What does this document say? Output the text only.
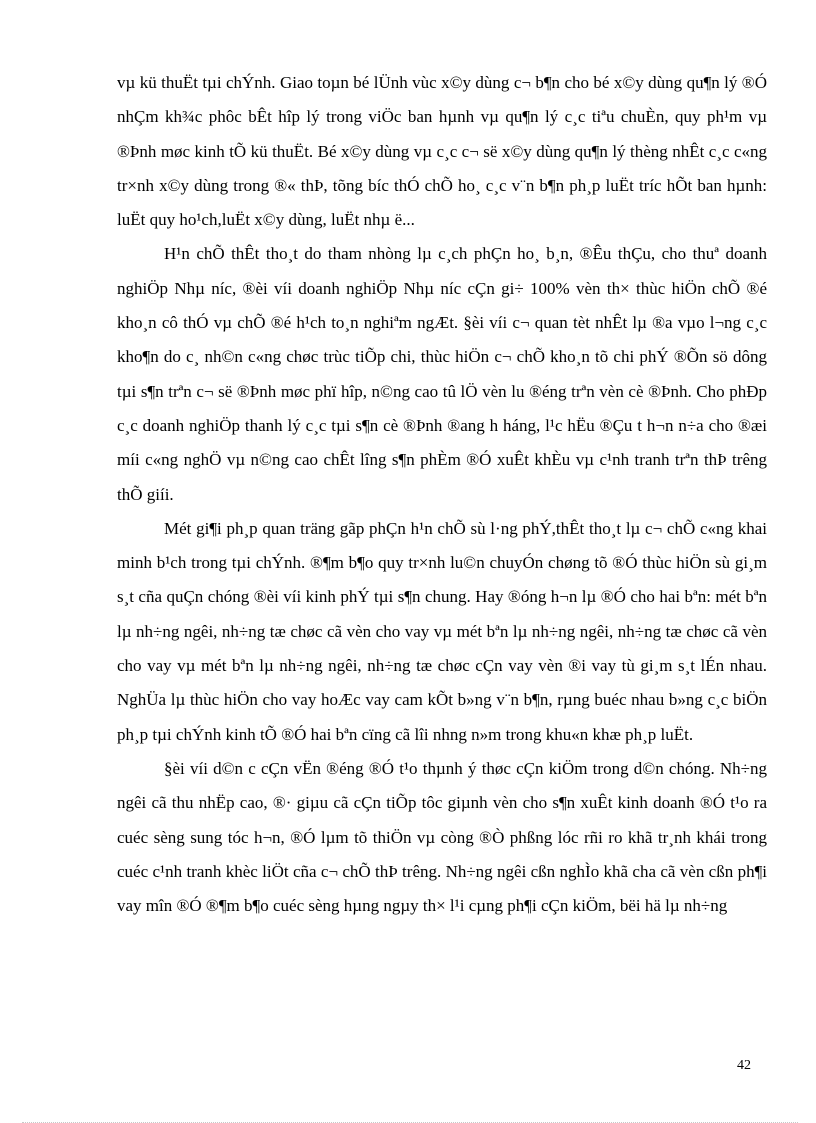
vµ kü thuËt tµi chÝnh. Giao toµn bé lÜnh vùc x©y dùng c¬ b¶n cho bé x©y dùng qu¶n lý ®Ó nhÇm kh¾c phôc bÊt hîp lý trong viÖc ban hµnh vµ qu¶n lý c¸c tiªu chuÈn, quy ph¹m vµ ®Þnh møc kinh tÕ kü thuËt. Bé x©y dùng vµ c¸c c¬ së x©y dùng qu¶n lý thèng nhÊt c¸c c«ng tr×nh x©y dùng trong ®« thÞ, tõng bíc thÓ chÕ ho¸ c¸c v¨n b¶n ph¸p luËt tríc hÕt ban hµnh: luËt quy ho¹ch,luËt x©y dùng, luËt nhµ ë...

H¹n chÕ thÊt tho¸t do tham nhòng lµ c¸ch phÇn ho¸ b¸n, ®Êu thÇu, cho thuª doanh nghiÖp Nhµ níc, ®èi víi doanh nghiÖp Nhµ níc cÇn gi÷ 100% vèn th× thùc hiÖn chÕ ®é kho¸n cô thÓ vµ chÕ ®é h¹ch to¸n nghiªm ngÆt. §èi víi c¬ quan tèt nhÊt lµ ®a vµo l¬ng c¸c kho¶n do c¸ nh©n c«ng chøc trùc tiÕp chi, thùc hiÖn c¬ chÕ kho¸n tõ chi phÝ ®Õn sö dông tµi s¶n trªn c¬ së ®Þnh møc phï hîp, n©ng cao tû lÖ vèn lu ®éng trªn vèn cè ®Þnh. Cho phÐp c¸c doanh nghiÖp thanh lý c¸c tµi s¶n cè ®Þnh ®ang h háng, l¹c hËu ®Çu t h¬n n÷a cho ®æi míi c«ng nghÖ vµ n©ng cao chÊt lîng s¶n phÈm ®Ó xuÊt khÈu vµ c¹nh tranh trªn thÞ trêng thÕ giíi.

Mét gi¶i ph¸p quan träng gãp phÇn h¹n chÕ sù l·ng phÝ,thÊt tho¸t lµ c¬ chÕ c«ng khai minh b¹ch trong tµi chÝnh. ®¶m b¶o quy tr×nh lu©n chuyÓn chøng tõ ®Ó thùc hiÖn sù gi¸m s¸t cña quÇn chóng ®èi víi kinh phÝ tµi s¶n chung. Hay ®óng h¬n lµ ®Ó cho hai bªn: mét bªn lµ nh÷ng ngêi, nh÷ng tæ chøc cã vèn cho vay vµ mét bªn lµ nh÷ng ngêi, nh÷ng tæ chøc cã vèn cho vay vµ mét bªn lµ nh÷ng ngêi, nh÷ng tæ chøc cÇn vay vèn ®i vay tù gi¸m s¸t lÉn nhau. NghÜa lµ thùc hiÖn cho vay hoÆc vay cam kÕt b»ng v¨n b¶n, rµng buéc nhau b»ng c¸c biÖn ph¸p tµi chÝnh kinh tÕ ®Ó hai bªn cïng cã lîi nhng n»m trong khu«n khæ ph¸p luËt.

§èi víi d©n c cÇn vËn ®éng ®Ó t¹o thµnh ý thøc cÇn kiÖm trong d©n chóng. Nh÷ng ngêi cã thu nhËp cao, ®· giµu cã cÇn tiÕp tôc giµnh vèn cho s¶n xuÊt kinh doanh ®Ó t¹o ra cuéc sèng sung tóc h¬n, ®Ó lµm tõ thiÖn vµ còng ®Ò phßng lóc rñi ro khã tr¸nh khái trong cuéc c¹nh tranh khèc liÖt cña c¬ chÕ thÞ trêng. Nh÷ng ngêi cßn nghÌo khã cha cã vèn cßn ph¶i vay mîn ®Ó ®¶m b¶o cuéc sèng hµng ngµy th× l¹i cµng ph¶i cÇn kiÖm, bëi hä lµ nh÷ng

42
